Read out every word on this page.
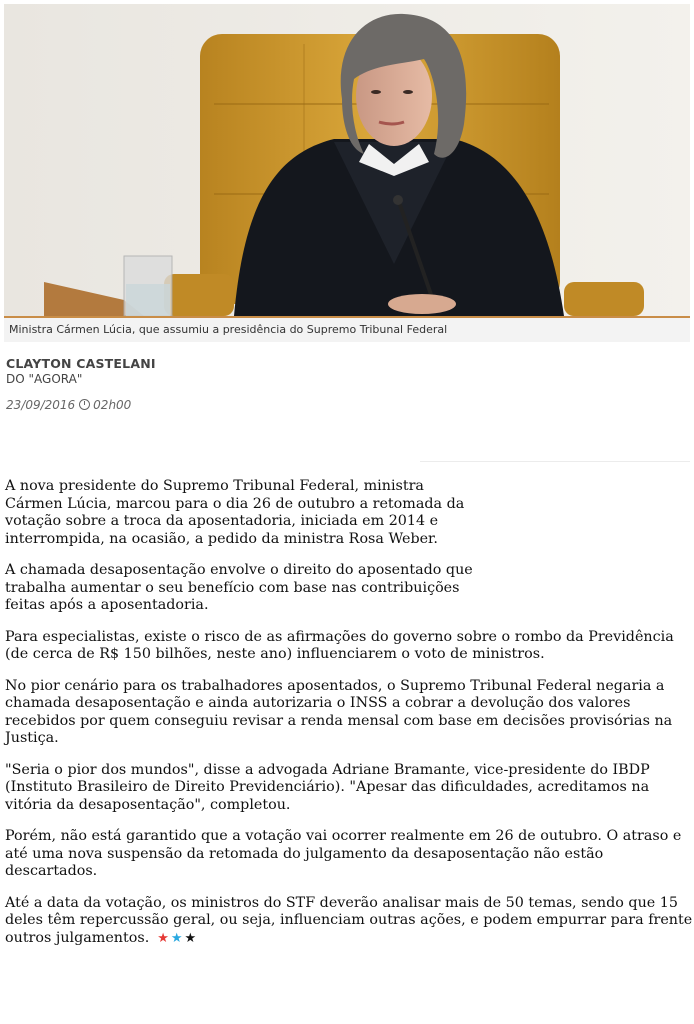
Ministra Cármen Lúcia, que assumiu a presidência do Supremo Tribunal Federal
CLAYTON CASTELANI
DO "AGORA"
23/09/2016 02h00

A nova presidente do Supremo Tribunal Federal, ministra Cármen Lúcia, marcou para o dia 26 de outubro a retomada da votação sobre a troca da aposentadoria, iniciada em 2014 e interrompida, na ocasião, a pedido da ministra Rosa Weber.

A chamada desaposentação envolve o direito do aposentado que trabalha aumentar o seu benefício com base nas contribuições feitas após a aposentadoria.

Para especialistas, existe o risco de as afirmações do governo sobre o rombo da Previdência (de cerca de R$ 150 bilhões, neste ano) influenciarem o voto de ministros.

No pior cenário para os trabalhadores aposentados, o Supremo Tribunal Federal negaria a chamada desaposentação e ainda autorizaria o INSS a cobrar a devolução dos valores recebidos por quem conseguiu revisar a renda mensal com base em decisões provisórias na Justiça.

"Seria o pior dos mundos", disse a advogada Adriane Bramante, vice-presidente do IBDP (Instituto Brasileiro de Direito Previdenciário). "Apesar das dificuldades, acreditamos na vitória da desaposentação", completou.

Porém, não está garantido que a votação vai ocorrer realmente em 26 de outubro. O atraso e até uma nova suspensão da retomada do julgamento da desaposentação não estão descartados.

Até a data da votação, os ministros do STF deverão analisar mais de 50 temas, sendo que 15 deles têm repercussão geral, ou seja, influenciam outras ações, e podem empurrar para frente outros julgamentos. ★★★
